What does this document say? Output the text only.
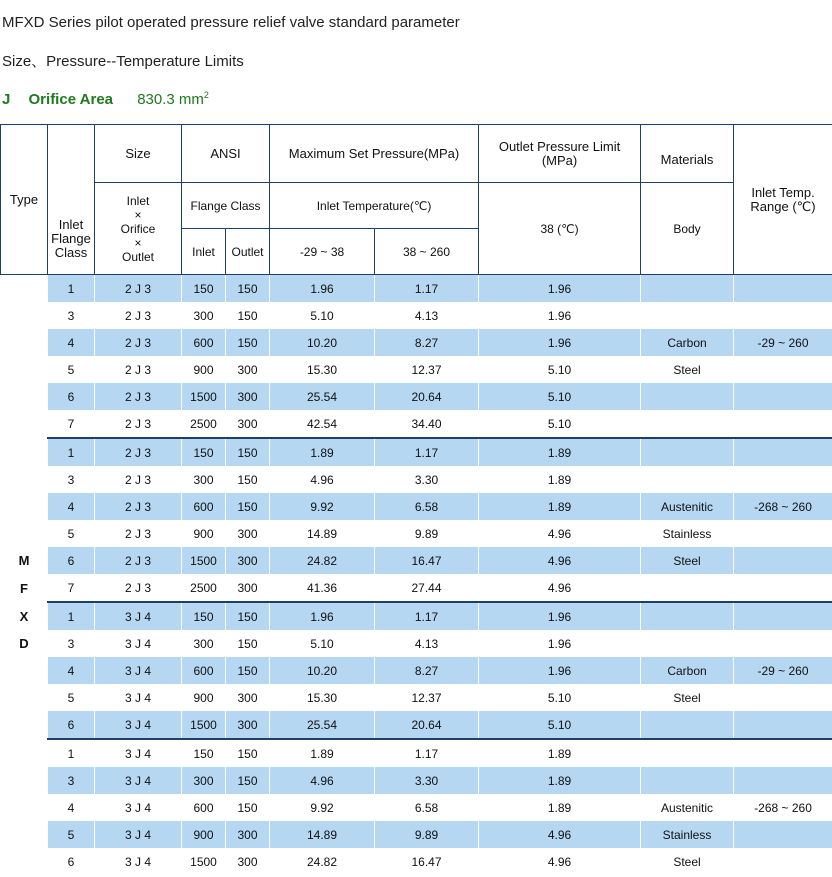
MFXD Series pilot operated pressure relief valve standard parameter
Size、Pressure--Temperature Limits
J Orifice Area 830.3 $mm^2$
Type	Inlet Flange Class	Size	ANSI		Maximum Set Pressure(MPa)		Outlet Pressure Limit (MPa)	Materials	Inlet Temp. Range (℃)

		Inlet
×
Orifice
×
Outlet	Flange Class		Inlet Temperature(℃)		38 (℃)	Body	
			Inlet	Outlet	-29 ~ 38	38 ~ 260			
	1	2 J 3	150	150	1.96	1.17	1.96		
	3	2 J 3	300	150	5.10	4.13	1.96		
	4	2 J 3	600	150	10.20	8.27	1.96	Carbon	-29 ~ 260
	5	2 J 3	900	300	15.30	12.37	5.10	Steel	
	6	2 J 3	1500	300	25.54	20.64	5.10		
	7	2 J 3	2500	300	42.54	34.40	5.10		
	1	2 J 3	150	150	1.89	1.17	1.89		
	3	2 J 3	300	150	4.96	3.30	1.89		
	4	2 J 3	600	150	9.92	6.58	1.89	Austenitic	-268 ~ 260
	5	2 J 3	900	300	14.89	9.89	4.96	Stainless	
M	6	2 J 3	1500	300	24.82	16.47	4.96	Steel	
F	7	2 J 3	2500	300	41.36	27.44	4.96		
X	1	3 J 4	150	150	1.96	1.17	1.96		
D	3	3 J 4	300	150	5.10	4.13	1.96		
	4	3 J 4	600	150	10.20	8.27	1.96	Carbon	-29 ~ 260
	5	3 J 4	900	300	15.30	12.37	5.10	Steel	
	6	3 J 4	1500	300	25.54	20.64	5.10		
	1	3 J 4	150	150	1.89	1.17	1.89		
	3	3 J 4	300	150	4.96	3.30	1.89		
	4	3 J 4	600	150	9.92	6.58	1.89	Austenitic	-268 ~ 260
	5	3 J 4	900	300	14.89	9.89	4.96	Stainless	
	6	3 J 4	1500	300	24.82	16.47	4.96	Steel	
